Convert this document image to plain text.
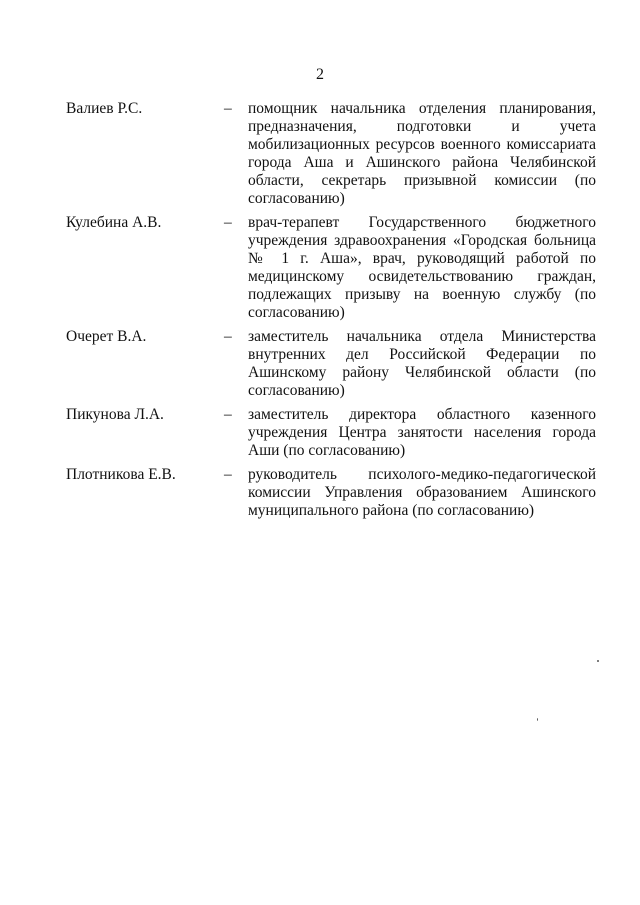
2
Валиев Р.С.	–	помощник начальника отделения планирования, предназначения, подготовки и учета мобилизационных ресурсов военного комиссариата города Аша и Ашинского района Челябинской области, секретарь призывной комиссии (по согласованию)

Кулебина А.В.	–	врач-терапевт Государственного бюджетного учреждения здравоохранения «Городская больница № 1 г. Аша», врач, руководящий работой по медицинскому освидетельствованию граждан, подлежащих призыву на военную службу (по согласованию)

Очерет В.А.	–	заместитель начальника отдела Министерства внутренних дел Российской Федерации по Ашинскому району Челябинской области (по согласованию)

Пикунова Л.А.	–	заместитель директора областного казенного учреждения Центра занятости населения города Аши (по согласованию)

Плотникова Е.В.	–	руководитель психолого-медико-педагогической комиссии Управления образованием Ашинского муниципального района (по согласованию)
